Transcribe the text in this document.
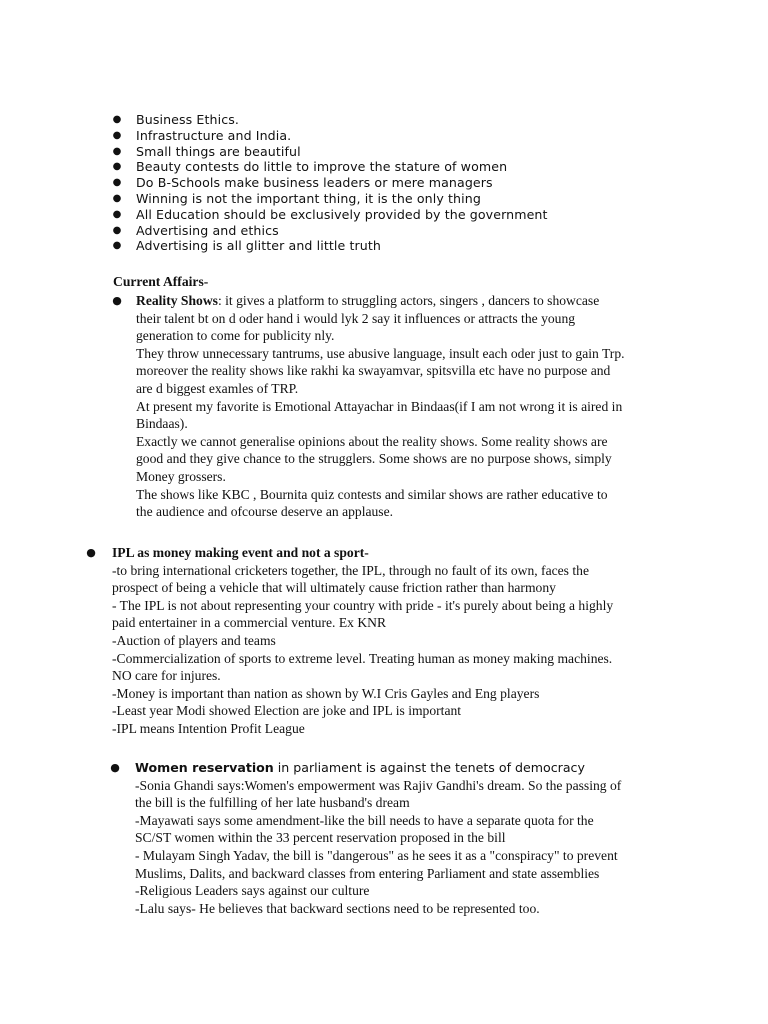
● Business Ethics.
● Infrastructure and India.
● Small things are beautiful
● Beauty contests do little to improve the stature of women
● Do B-Schools make business leaders or mere managers
● Winning is not the important thing, it is the only thing
● All Education should be exclusively provided by the government
● Advertising and ethics
● Advertising is all glitter and little truth
Current Affairs-
● Reality Shows: it gives a platform to struggling actors, singers , dancers to showcase
their talent bt on d oder hand i would lyk 2 say it influences or attracts the young
generation to come for publicity nly.
They throw unnecessary tantrums, use abusive language, insult each oder just to gain Trp.
moreover the reality shows like rakhi ka swayamvar, spitsvilla etc have no purpose and
are d biggest examles of TRP.
At present my favorite is Emotional Attayachar in Bindaas(if I am not wrong it is aired in
Bindaas).
Exactly we cannot generalise opinions about the reality shows. Some reality shows are
good and they give chance to the strugglers. Some shows are no purpose shows, simply
Money grossers.
The shows like KBC , Bournita quiz contests and similar shows are rather educative to
the audience and ofcourse deserve an applause.
● IPL as money making event and not a sport-
-to bring international cricketers together, the IPL, through no fault of its own, faces the
prospect of being a vehicle that will ultimately cause friction rather than harmony
- The IPL is not about representing your country with pride - it's purely about being a highly
paid entertainer in a commercial venture. Ex KNR
-Auction of players and teams
-Commercialization of sports to extreme level. Treating human as money making machines.
NO care for injures.
-Money is important than nation as shown by W.I Cris Gayles and Eng players
-Least year Modi showed Election are joke and IPL is important
-IPL means Intention Profit League
● Women reservation in parliament is against the tenets of democracy
-Sonia Ghandi says:Women's empowerment was Rajiv Gandhi's dream. So the passing of
the bill is the fulfilling of her late husband's dream
-Mayawati says some amendment-like the bill needs to have a separate quota for the
SC/ST women within the 33 percent reservation proposed in the bill
- Mulayam Singh Yadav, the bill is "dangerous" as he sees it as a "conspiracy" to prevent
Muslims, Dalits, and backward classes from entering Parliament and state assemblies
-Religious Leaders says against our culture
-Lalu says- He believes that backward sections need to be represented too.
